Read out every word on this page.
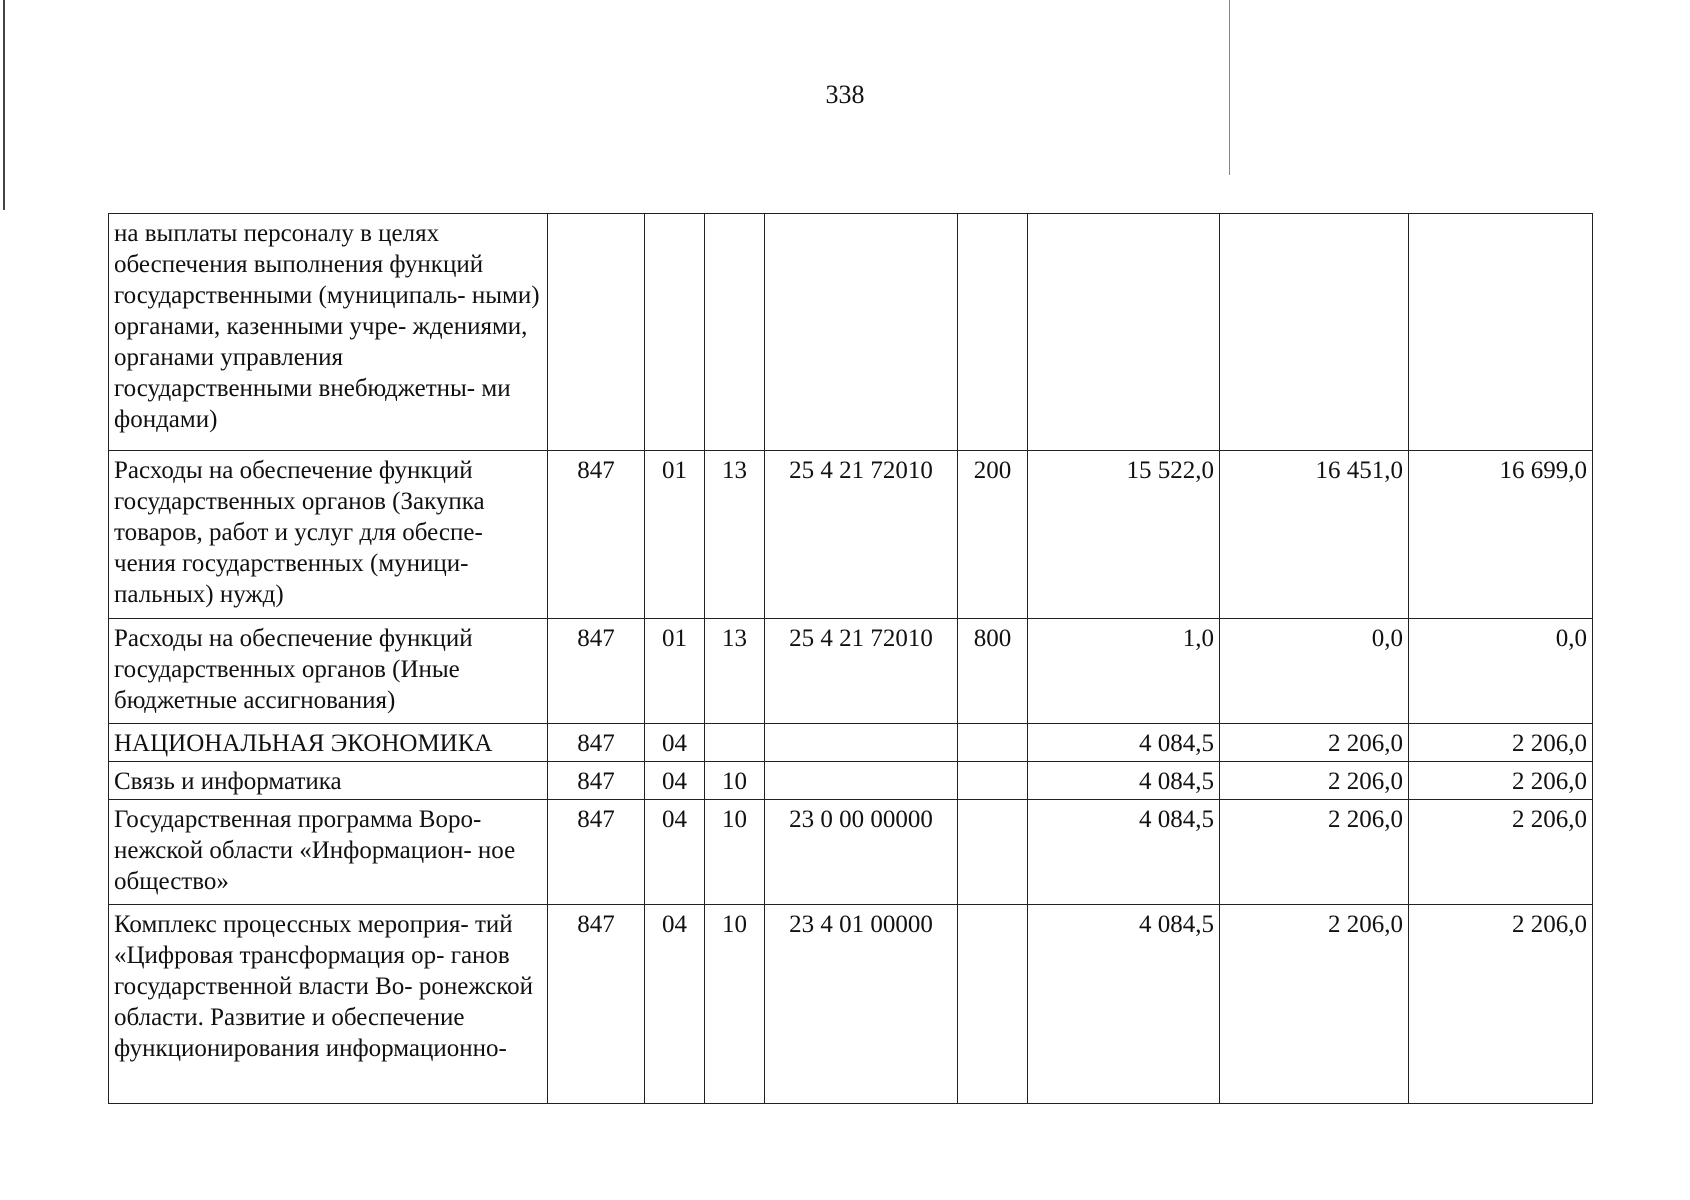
338
на выплаты персоналу в целях обеспечения выполнения функций государственными (муниципаль- ными) органами, казенными учре- ждениями, органами управления государственными внебюджетны- ми фондами)								
Расходы на обеспечение функций государственных органов (Закупка товаров, работ и услуг для обеспе- чения государственных (муници- пальных) нужд)	847	01	13	25 4 21 72010	200	15 522,0	16 451,0	16 699,0
Расходы на обеспечение функций государственных органов (Иные бюджетные ассигнования)	847	01	13	25 4 21 72010	800	1,0	0,0	0,0
НАЦИОНАЛЬНАЯ ЭКОНОМИКА	847	04				4 084,5	2 206,0	2 206,0
Связь и информатика	847	04	10			4 084,5	2 206,0	2 206,0
Государственная программа Воро- нежской области «Информацион- ное общество»	847	04	10	23 0 00 00000		4 084,5	2 206,0	2 206,0
Комплекс процессных мероприя- тий «Цифровая трансформация ор- ганов государственной власти Во- ронежской области. Развитие и обеспечение функционирования информационно-	847	04	10	23 4 01 00000		4 084,5	2 206,0	2 206,0
